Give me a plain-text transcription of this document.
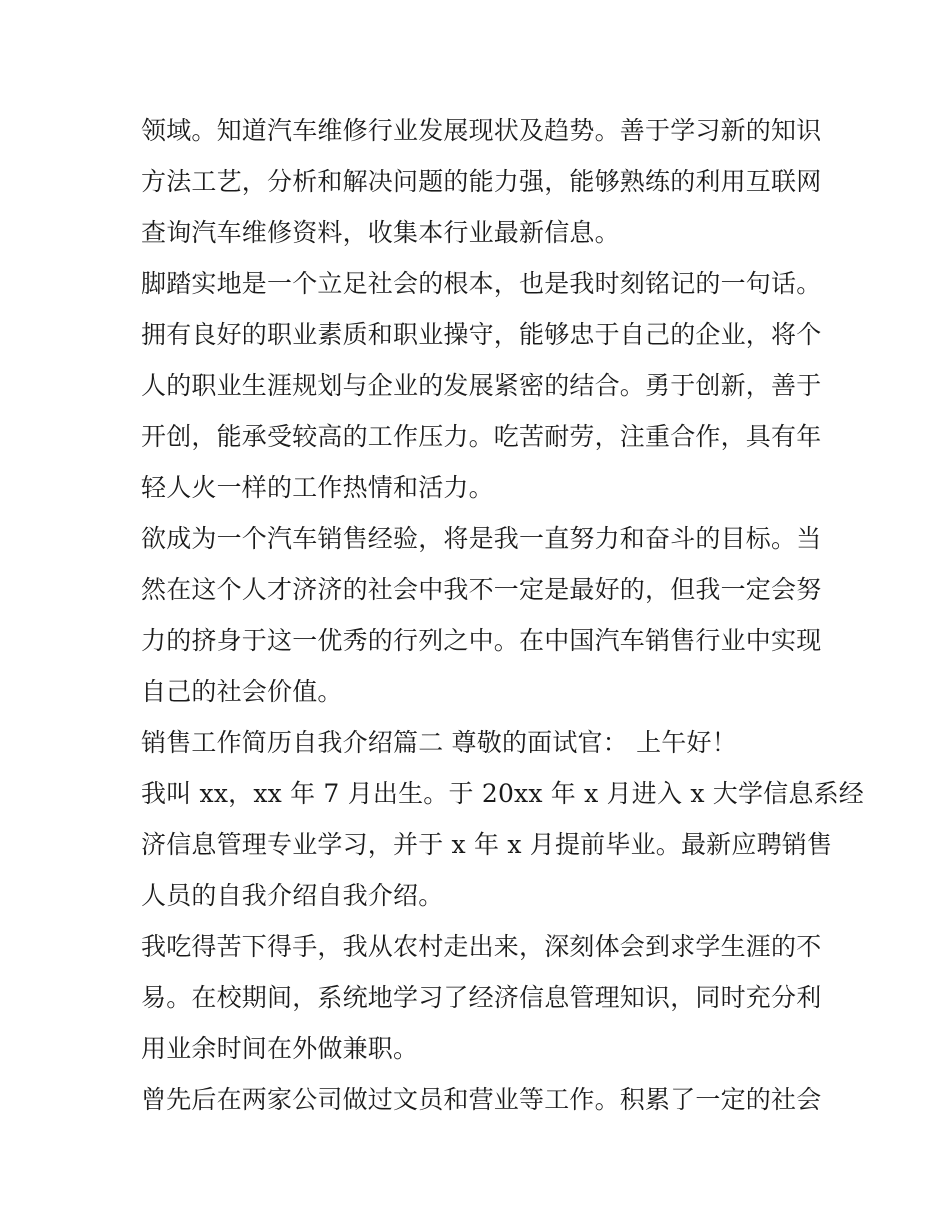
领域。知道汽车维修行业发展现状及趋势。善于学习新的知识
方法工艺，分析和解决问题的能力强，能够熟练的利用互联网
查询汽车维修资料，收集本行业最新信息。
脚踏实地是一个立足社会的根本，也是我时刻铭记的一句话。
拥有良好的职业素质和职业操守，能够忠于自己的企业，将个
人的职业生涯规划与企业的发展紧密的结合。勇于创新，善于
开创，能承受较高的工作压力。吃苦耐劳，注重合作，具有年
轻人火一样的工作热情和活力。
欲成为一个汽车销售经验，将是我一直努力和奋斗的目标。当
然在这个人才济济的社会中我不一定是最好的，但我一定会努
力的挤身于这一优秀的行列之中。在中国汽车销售行业中实现
自己的社会价值。
销售工作简历自我介绍篇二 尊敬的面试官： 上午好！
我叫 xx，xx 年 7 月出生。于 20xx 年 x 月进入 x 大学信息系经
济信息管理专业学习，并于 x 年 x 月提前毕业。最新应聘销售
人员的自我介绍自我介绍。
我吃得苦下得手，我从农村走出来，深刻体会到求学生涯的不
易。在校期间，系统地学习了经济信息管理知识，同时充分利
用业余时间在外做兼职。
曾先后在两家公司做过文员和营业等工作。积累了一定的社会
